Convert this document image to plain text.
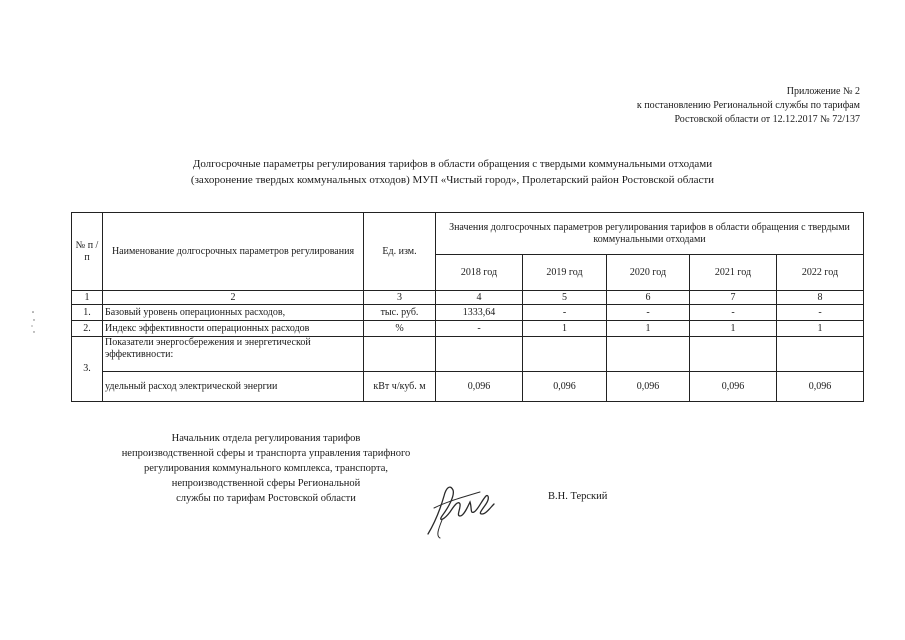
Приложение № 2
к постановлению Региональной службы по тарифам
Ростовской области от 12.12.2017 № 72/137
Долгосрочные параметры регулирования тарифов в области обращения с твердыми коммунальными отходами
(захоронение твердых коммунальных отходов) МУП «Чистый город», Пролетарский район Ростовской области
№ п /п	Наименование долгосрочных параметров регулирования	Ед. изм.	Значения долгосрочных параметров регулирования тарифов в области обращения с твердыми коммунальными отходами				
			2018 год	2019 год	2020 год	2021 год	2022 год
1	2	3	4	5	6	7	8
1.	Базовый уровень операционных расходов,	тыс. руб.	1333,64	-	-	-	-
2.	Индекс эффективности операционных расходов	%	-	1	1	1	1
3.	Показатели энергосбережения и энергетической эффективности:						
	удельный расход электрической энергии	кВт ч/куб. м	0,096	0,096	0,096	0,096	0,096
Начальник отдела регулирования тарифов
непроизводственной сферы и транспорта управления тарифного
регулирования коммунального комплекса, транспорта,
непроизводственной сферы Региональной
службы по тарифам Ростовской области	В.Н. Терский
